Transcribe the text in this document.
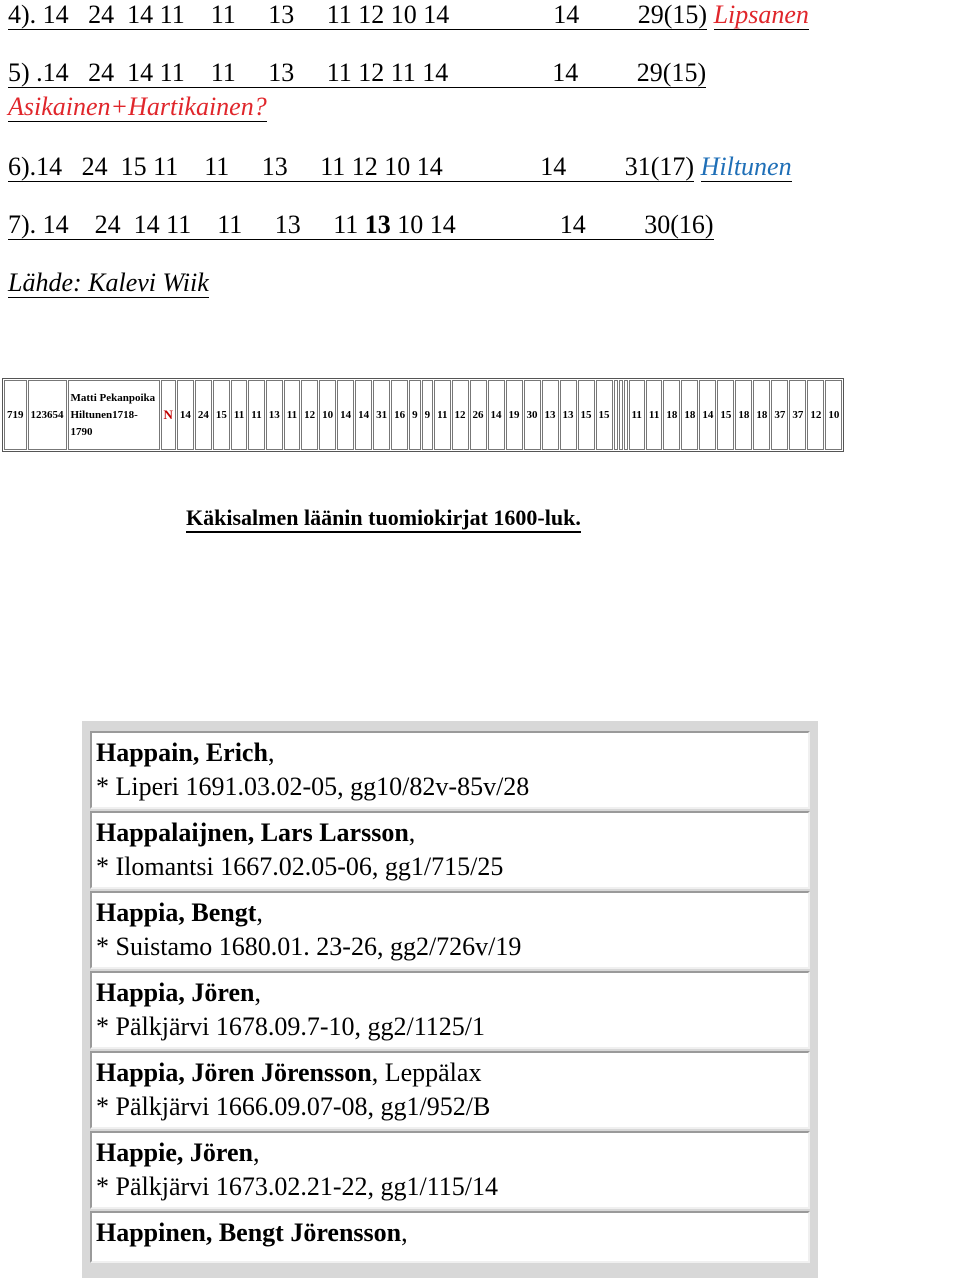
4). 14   24  14 11    11     13     11 12 10 14                14         29(15) Lipsanen
5) .14   24  14 11    11     13     11 12 11 14                14         29(15)
Asikainen+Hartikainen?
6).14   24  15 11    11     13     11 12 10 14               14         31(17) Hiltunen
7). 14    24  14 11    11     13     11 13 10 14                14         30(16)
Lähde: Kalevi Wiik
719	123654	Matti Pekanpoika Hiltunen1718-1790	N	14	24	15	11	11	13	11	12	10	14	14	31	16	9	9	11	12	26	14	19	30	13	13	15	15				11	11	18	18	14	15	18	18	37	37	12	10
Käkisalmen läänin tuomiokirjat 1600-luk.
Happain, Erich,
* Liperi 1691.03.02-05, gg10/82v-85v/28
Happalaijnen, Lars Larsson,
* Ilomantsi 1667.02.05-06, gg1/715/25
Happia, Bengt,
* Suistamo 1680.01. 23-26, gg2/726v/19
Happia, Jören,
* Pälkjärvi 1678.09.7-10, gg2/1125/1
Happia, Jören Jörensson, Leppälax
* Pälkjärvi 1666.09.07-08, gg1/952/B
Happie, Jören,
* Pälkjärvi 1673.02.21-22, gg1/115/14
Happinen, Bengt Jörensson,
